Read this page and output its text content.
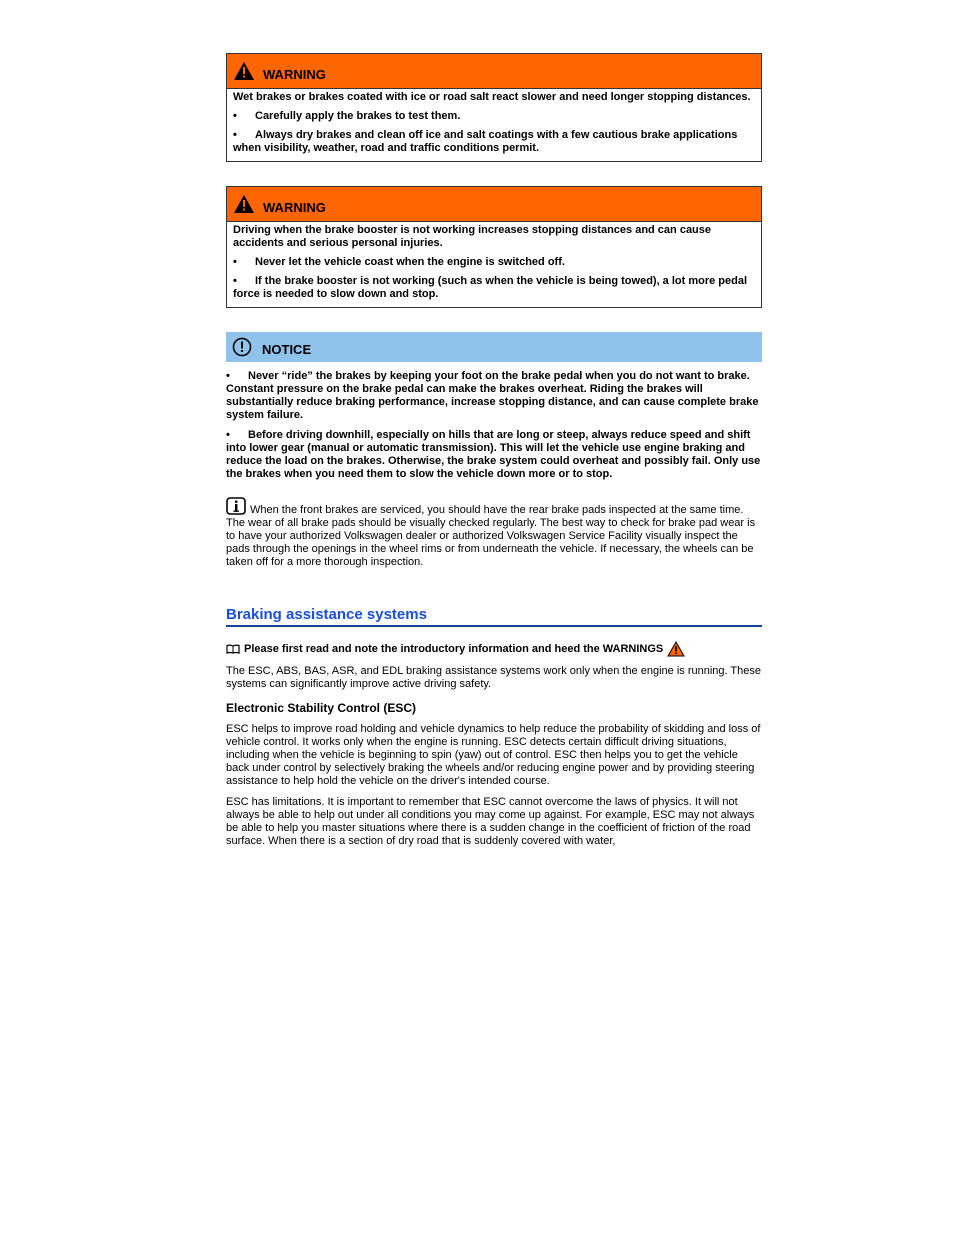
WARNING

Wet brakes or brakes coated with ice or road salt react slower and need longer stopping distances.

•	Carefully apply the brakes to test them.
• Always dry brakes and clean off ice and salt coatings with a few cautious brake applications when visibility, weather, road and traffic conditions permit.
WARNING

Driving when the brake booster is not working increases stopping distances and can cause accidents and serious personal injuries.

•	Never let the vehicle coast when the engine is switched off.
• If the brake booster is not working (such as when the vehicle is being towed), a lot more pedal force is needed to slow down and stop.
NOTICE
• Never “ride” the brakes by keeping your foot on the brake pedal when you do not want to brake. Constant pressure on the brake pedal can make the brakes overheat. Riding the brakes will substantially reduce braking performance, increase stopping distance, and can cause complete brake system failure.
• Before driving downhill, especially on hills that are long or steep, always reduce speed and shift into lower gear (manual or automatic transmission). This will let the vehicle use engine braking and reduce the load on the brakes. Otherwise, the brake system could overheat and possibly fail. Only use the brakes when you need them to slow the vehicle down more or to stop.
When the front brakes are serviced, you should have the rear brake pads inspected at the same time. The wear of all brake pads should be visually checked regularly. The best way to check for brake pad wear is to have your authorized Volkswagen dealer or authorized Volkswagen Service Facility visually inspect the pads through the openings in the wheel rims or from underneath the vehicle. If necessary, the wheels can be taken off for a more thorough inspection.
Braking assistance systems
Please first read and note the introductory information and heed the WARNINGS

The ESC, ABS, BAS, ASR, and EDL braking assistance systems work only when the engine is running. These systems can significantly improve active driving safety.

Electronic Stability Control (ESC)

ESC helps to improve road holding and vehicle dynamics to help reduce the probability of skidding and loss of vehicle control. It works only when the engine is running. ESC detects certain difficult driving situations, including when the vehicle is beginning to spin (yaw) out of control. ESC then helps you to get the vehicle back under control by selectively braking the wheels and/or reducing engine power and by providing steering assistance to help hold the vehicle on the driver's intended course.

ESC has limitations. It is important to remember that ESC cannot overcome the laws of physics. It will not always be able to help out under all conditions you may come up against. For example, ESC may not always be able to help you master situations where there is a sudden change in the coefficient of friction of the road surface. When there is a section of dry road that is suddenly covered with water,
